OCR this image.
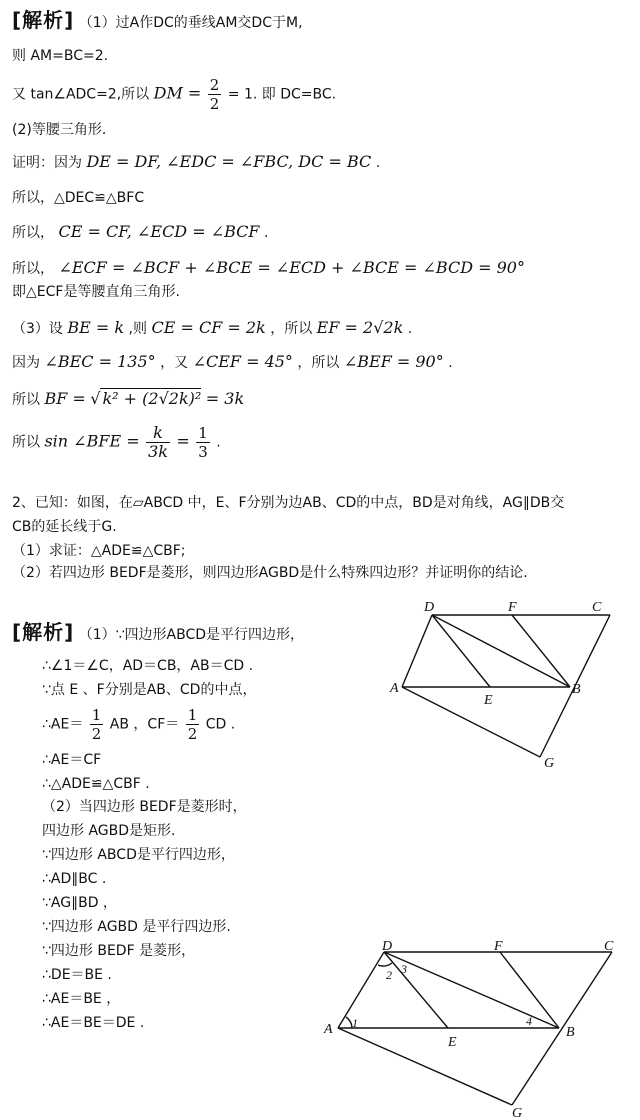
[解析] （1）过A作DC的垂线AM交DC于M,
则 AM=BC=2.
又 tan∠ADC=2,所以 DM = $\frac{2}{2} = 1$. 即 DC=BC.
(2)等腰三角形.
证明：因为 DE = DF, ∠EDC = ∠FBC, DC = BC .
所以，△DEC≌△BFC
所以， CE = CF, ∠ECD = ∠BCF .
所以， ∠ECF = ∠BCF + ∠BCE = ∠ECD + ∠BCE = ∠BCD = 90°
即△ECF是等腰直角三角形.
（3）设 BE = k ,则 CE = CF = 2k ，所以 EF = 2√2k .
因为 ∠BEC = 135° ，又 ∠CEF = 45° ，所以 ∠BEF = 90° .
所以 BF = √ k² + (2√2k)² = 3k
所以 sin ∠BFE = $\frac{k}{3k} = \frac{1}{3}$ .
2、已知：如图，在▱ABCD 中，E、F分别为边AB、CD的中点，BD是对角线，AG∥DB交
CB的延长线于G.
（1）求证：△ADE≌△CBF;
（2）若四边形 BEDF是菱形，则四边形AGBD是什么特殊四边形？并证明你的结论.
[解析] （1）∵四边形ABCD是平行四边形，
∴∠1＝∠C，AD＝CB，AB＝CD .
∵点 E 、F分别是AB、CD的中点，
∴AE＝ $\frac{1}{2}$ AB ，$CF= \frac{1}{2}$ CD .
∴AE＝CF
∴△ADE≌△CBF .
（2）当四边形 BEDF是菱形时，
四边形 AGBD是矩形.
∵四边形 ABCD是平行四边形，
∴AD∥BC .
∵AG∥BD ，
∵四边形 AGBD 是平行四边形.
∵四边形 BEDF 是菱形，
∴DE＝BE .
∴AE＝BE ，
∴AE＝BE＝DE .
D	F	C
A
E
B
G
D	F	C
A
E
B
G
1
2 3
4
